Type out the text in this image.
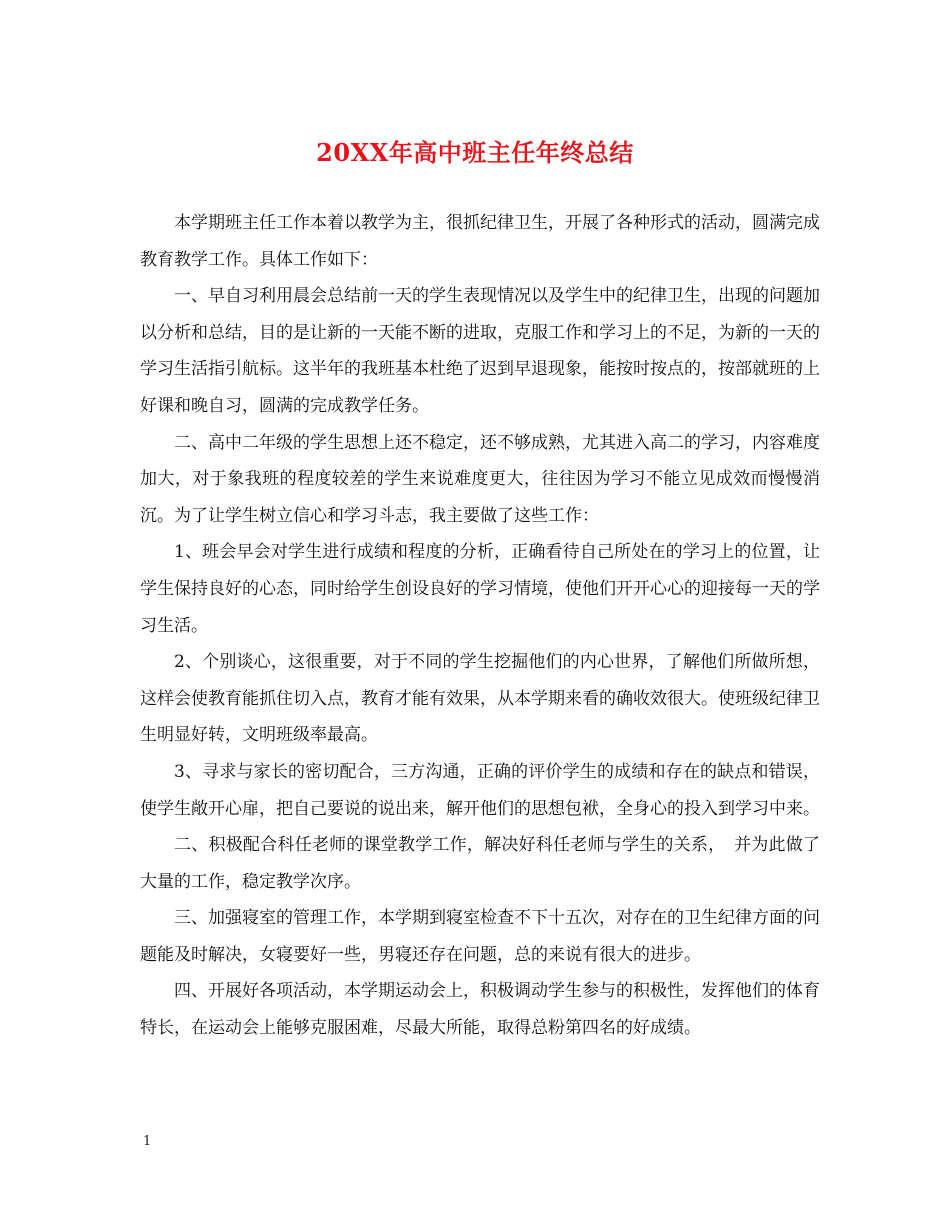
20XX年高中班主任年终总结

本学期班主任工作本着以教学为主，很抓纪律卫生，开展了各种形式的活动，圆满完成教育教学工作。具体工作如下：

一、早自习利用晨会总结前一天的学生表现情况以及学生中的纪律卫生，出现的问题加以分析和总结，目的是让新的一天能不断的进取，克服工作和学习上的不足，为新的一天的学习生活指引航标。这半年的我班基本杜绝了迟到早退现象，能按时按点的，按部就班的上好课和晚自习，圆满的完成教学任务。

二、高中二年级的学生思想上还不稳定，还不够成熟，尤其进入高二的学习，内容难度加大，对于象我班的程度较差的学生来说难度更大，往往因为学习不能立见成效而慢慢消沉。为了让学生树立信心和学习斗志，我主要做了这些工作：

1、班会早会对学生进行成绩和程度的分析，正确看待自己所处在的学习上的位置，让学生保持良好的心态，同时给学生创设良好的学习情境，使他们开开心心的迎接每一天的学习生活。

2、个别谈心，这很重要，对于不同的学生挖掘他们的内心世界，了解他们所做所想，这样会使教育能抓住切入点，教育才能有效果，从本学期来看的确收效很大。使班级纪律卫生明显好转，文明班级率最高。

3、寻求与家长的密切配合，三方沟通，正确的评价学生的成绩和存在的缺点和错误，使学生敞开心扉，把自己要说的说出来，解开他们的思想包袱，全身心的投入到学习中来。

二、积极配合科任老师的课堂教学工作，解决好科任老师与学生的关系，　并为此做了大量的工作，稳定教学次序。

三、加强寝室的管理工作，本学期到寝室检查不下十五次，对存在的卫生纪律方面的问题能及时解决，女寝要好一些，男寝还存在问题，总的来说有很大的进步。

四、开展好各项活动，本学期运动会上，积极调动学生参与的积极性，发挥他们的体育特长，在运动会上能够克服困难，尽最大所能，取得总粉第四名的好成绩。

1
